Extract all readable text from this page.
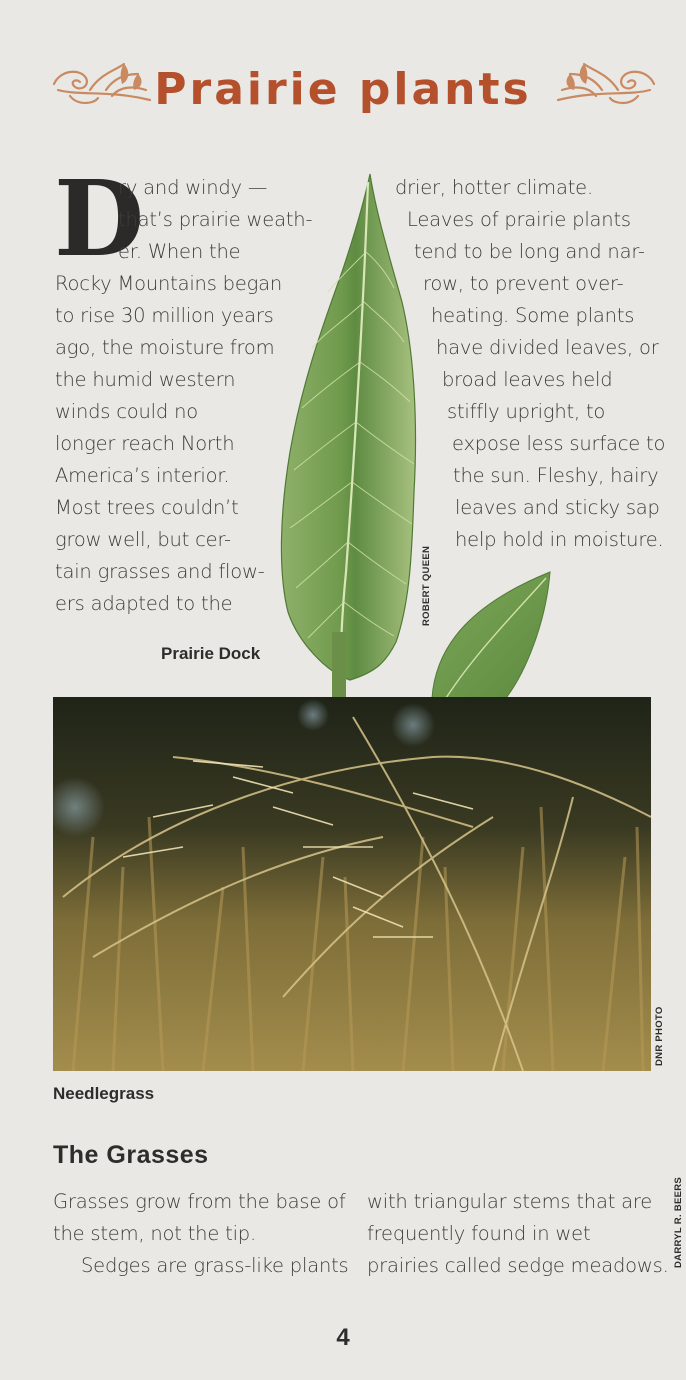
Prairie plants
D
ry and windy —
that’s prairie weath-
er. When the
Rocky Mountains began
to rise 30 million years
ago, the moisture from
the humid western
winds could no
longer reach North
America’s interior.
Most trees couldn’t
grow well, but cer-
tain grasses and flow-
ers adapted to the	ROBERT QUEEN
Prairie Dock
drier, hotter climate.
Leaves of prairie plants
tend to be long and nar-
row, to prevent over-
heating. Some plants
have divided leaves, or
broad leaves held
stiffly upright, to
expose less surface to
the sun. Fleshy, hairy
leaves and sticky sap
help hold in moisture.
DNR PHOTO
Needlegrass
The Grasses
Grasses grow from the base of
the stem, not the tip.
Sedges are grass-like plants
with triangular stems that are
frequently found in wet
prairies called sedge meadows. DARRYL R. BEERS
4
